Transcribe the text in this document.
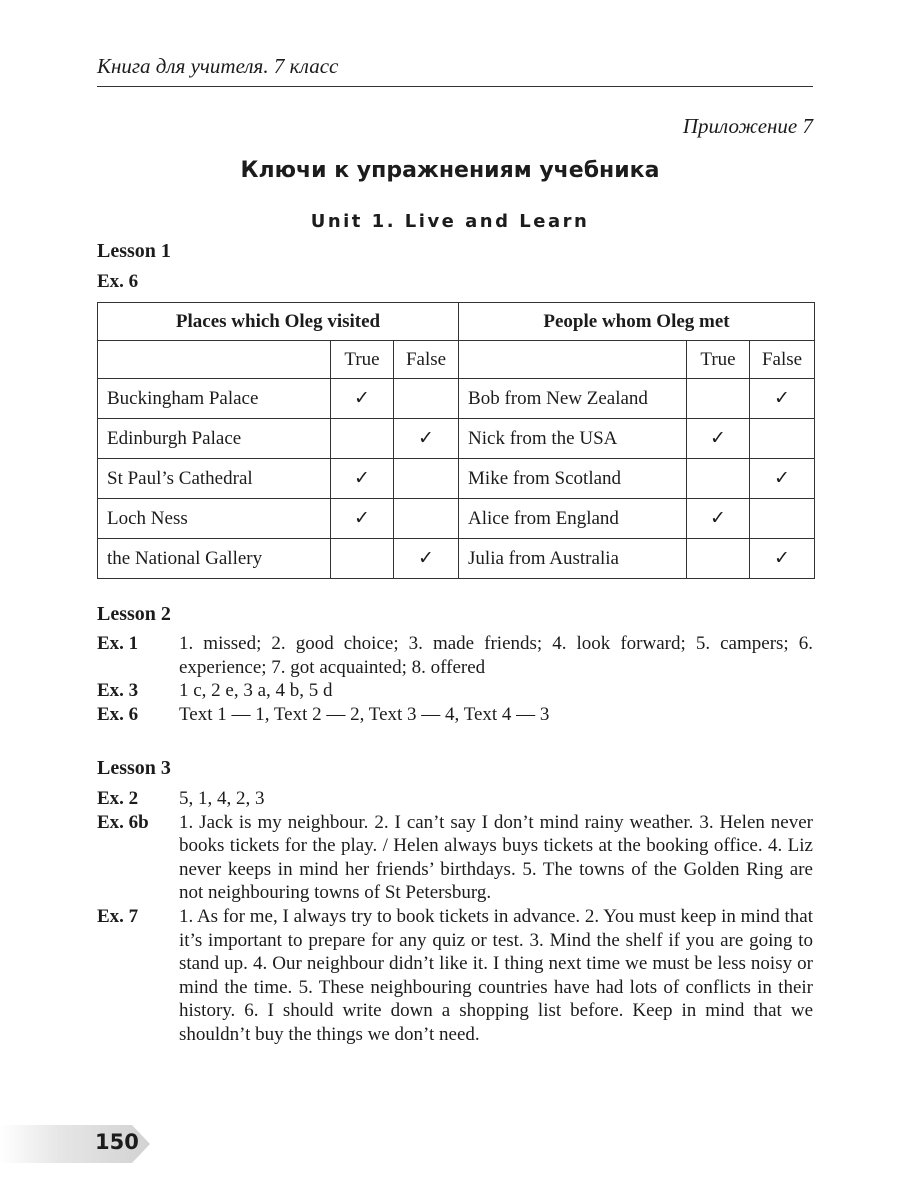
Книга для учителя. 7 класс
Приложение 7
Ключи к упражнениям учебника
Unit 1. Live and Learn
Lesson 1
Ex. 6
Places which Oleg visited			People whom Oleg met		
	True	False		True	False
Buckingham Palace	✓		Bob from New Zealand		✓
Edinburgh Palace		✓	Nick from the USA	✓	
St Paul’s Cathedral	✓		Mike from Scotland		✓
Loch Ness	✓		Alice from England	✓	
the National Gallery		✓	Julia from Australia		✓
Lesson 2
Ex. 1	1. missed; 2. good choice; 3. made friends; 4. look forward; 5. campers; 6. experience; 7. got acquainted; 8. offered
Ex. 3	1 c, 2 e, 3 a, 4 b, 5 d
Ex. 6	Text 1 — 1, Text 2 — 2, Text 3 — 4, Text 4 — 3
Lesson 3
Ex. 2	5, 1, 4, 2, 3
Ex. 6b	1. Jack is my neighbour. 2. I can’t say I don’t mind rainy weather. 3. Helen never books tickets for the play. / Helen always buys tickets at the booking office. 4. Liz never keeps in mind her friends’ birthdays. 5. The towns of the Golden Ring are not neighbouring towns of St Petersburg.
Ex. 7	1. As for me, I always try to book tickets in advance. 2. You must keep in mind that it’s important to prepare for any quiz or test. 3. Mind the shelf if you are going to stand up. 4. Our neighbour didn’t like it. I thing next time we must be less noisy or mind the time. 5. These neighbouring countries have had lots of conflicts in their history. 6. I should write down a shopping list before. Keep in mind that we shouldn’t buy the things we don’t need.
150
